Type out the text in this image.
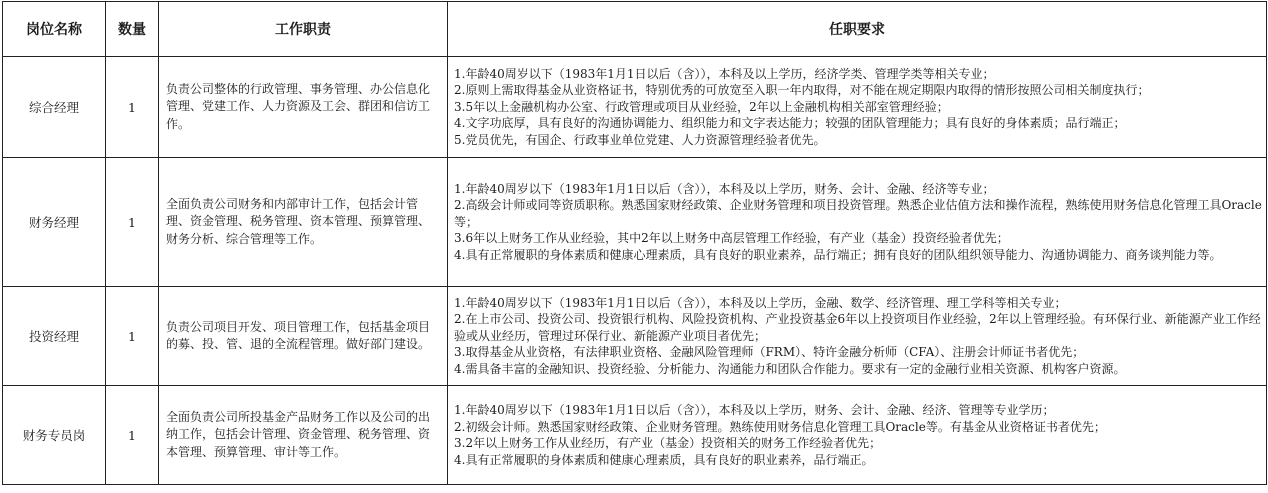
岗位名称	数量	工作职责	任职要求
综合经理	1	负责公司整体的行政管理、事务管理、办公信息化管理、党建工作、人力资源及工会、群团和信访工作。	1.年龄40周岁以下（1983年1月1日以后（含）），本科及以上学历，经济学类、管理学类等相关专业；
2.原则上需取得基金从业资格证书，特别优秀的可放宽至入职一年内取得，对不能在规定期限内取得的情形按照公司相关制度执行；
3.5年以上金融机构办公室、行政管理或项目从业经验，2年以上金融机构相关部室管理经验；
4.文字功底厚，具有良好的沟通协调能力、组织能力和文字表达能力；较强的团队管理能力；具有良好的身体素质；品行端正；
5.党员优先，有国企、行政事业单位党建、人力资源管理经验者优先。

财务经理	1	全面负责公司财务和内部审计工作，包括会计管理、资金管理、税务管理、资本管理、预算管理、财务分析、综合管理等工作。	1.年龄40周岁以下（1983年1月1日以后（含）），本科及以上学历，财务、会计、金融、经济等专业；
2.高级会计师或同等资质职称。熟悉国家财经政策、企业财务管理和项目投资管理。熟悉企业估值方法和操作流程，熟练使用财务信息化管理工具Oracle等；
3.6年以上财务工作从业经验，其中2年以上财务中高层管理工作经验，有产业（基金）投资经验者优先；
4.具有正常履职的身体素质和健康心理素质，具有良好的职业素养，品行端正；拥有良好的团队组织领导能力、沟通协调能力、商务谈判能力等。

投资经理	1	负责公司项目开发、项目管理工作，包括基金项目的募、投、管、退的全流程管理。做好部门建设。	1.年龄40周岁以下（1983年1月1日以后（含）），本科及以上学历，金融、数学、经济管理、理工学科等相关专业；
2.在上市公司、投资公司、投资银行机构、风险投资机构、产业投资基金6年以上投资项目作业经验，2年以上管理经验。有环保行业、新能源产业工作经验或从业经历，管理过环保行业、新能源产业项目者优先；
3.取得基金从业资格，有法律职业资格、金融风险管理师（FRM）、特许金融分析师（CFA）、注册会计师证书者优先；
4.需具备丰富的金融知识、投资经验、分析能力、沟通能力和团队合作能力。要求有一定的金融行业相关资源、机构客户资源。

财务专员岗	1	全面负责公司所投基金产品财务工作以及公司的出纳工作，包括会计管理、资金管理、税务管理、资本管理、预算管理、审计等工作。	1.年龄40周岁以下（1983年1月1日以后（含）），本科及以上学历，财务、会计、金融、经济、管理等专业学历；
2.初级会计师。熟悉国家财经政策、企业财务管理。熟练使用财务信息化管理工具Oracle等。有基金从业资格证书者优先；
3.2年以上财务工作从业经历，有产业（基金）投资相关的财务工作经验者优先；
4.具有正常履职的身体素质和健康心理素质，具有良好的职业素养，品行端正。
